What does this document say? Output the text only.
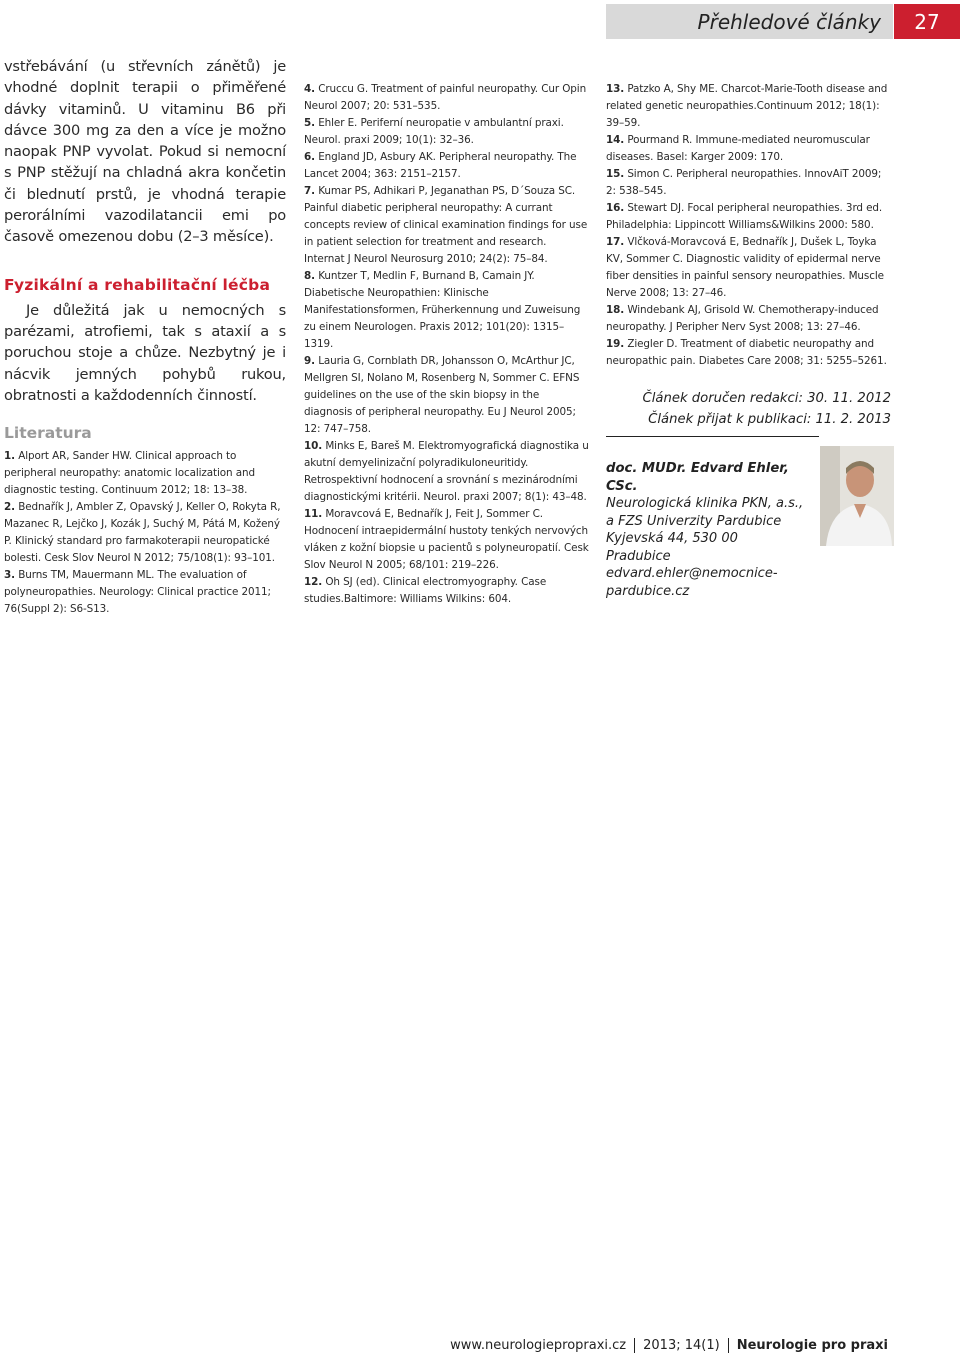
Přehledové články	27

vstřebávání (u střevních zánětů) je vhodné doplnit terapii o přiměřené dávky vitaminů. U vitaminu B6 při dávce 300 mg za den a více je možno naopak PNP vyvolat. Pokud si nemocní s PNP stěžují na chladná akra končetin či blednutí prstů, je vhodná terapie perorálními vazodilatancii emi po časově omezenou dobu (2–3 měsíce).

Fyzikální a rehabilitační léčba

Je důležitá jak u nemocných s parézami, atrofiemi, tak s ataxií a s poruchou stoje a chůze. Nezbytný je i nácvik jemných pohybů rukou, obratnosti a každodenních činností.

Literatura

1. Alport AR, Sander HW. Clinical approach to peripheral neuropathy: anatomic localization and diagnostic testing. Continuum 2012; 18: 13–38.

2. Bednařík J, Ambler Z, Opavský J, Keller O, Rokyta R, Mazanec R, Lejčko J, Kozák J, Suchý M, Pátá M, Kožený P. Klinický standard pro farmakoterapii neuropatické bolesti. Cesk Slov Neurol N 2012; 75/108(1): 93–101.

3. Burns TM, Mauermann ML. The evaluation of polyneuropathies. Neurology: Clinical practice 2011; 76(Suppl 2): S6-S13.

4. Cruccu G. Treatment of painful neuropathy. Cur Opin Neurol 2007; 20: 531–535.

5. Ehler E. Periferní neuropatie v ambulantní praxi. Neurol. praxi 2009; 10(1): 32–36.

6. England JD, Asbury AK. Peripheral neuropathy. The Lancet 2004; 363: 2151–2157.

7. Kumar PS, Adhikari P, Jeganathan PS, D´Souza SC. Painful diabetic peripheral neuropathy: A currant concepts review of clinical examination findings for use in patient selection for treatment and research. Internat J Neurol Neurosurg 2010; 24(2): 75–84.

8. Kuntzer T, Medlin F, Burnand B, Camain JY. Diabetische Neuropathien: Klinische Manifestationsformen, Früherkennung und Zuweisung zu einem Neurologen. Praxis 2012; 101(20): 1315–1319.

9. Lauria G, Cornblath DR, Johansson O, McArthur JC, Mellgren SI, Nolano M, Rosenberg N, Sommer C. EFNS guidelines on the use of the skin biopsy in the diagnosis of peripheral neuropathy. Eu J Neurol 2005; 12: 747–758.

10. Minks E, Bareš M. Elektromyografická diagnostika u akutní demyelinizační polyradikuloneuritidy. Retrospektivní hodnocení a srovnání s mezinárodními diagnostickými kritérii. Neurol. praxi 2007; 8(1): 43–48.

11. Moravcová E, Bednařík J, Feit J, Sommer C. Hodnocení intraepidermální hustoty tenkých nervových vláken z kožní biopsie u pacientů s polyneuropatií. Cesk Slov Neurol N 2005; 68/101: 219–226.

12. Oh SJ (ed). Clinical electromyography. Case studies.Baltimore: Williams Wilkins: 604.

13. Patzko A, Shy ME. Charcot-Marie-Tooth disease and related genetic neuropathies.Continuum 2012; 18(1): 39–59.

14. Pourmand R. Immune-mediated neuromuscular diseases. Basel: Karger 2009: 170.

15. Simon C. Peripheral neuropathies. InnovAiT 2009; 2: 538–545.

16. Stewart DJ. Focal peripheral neuropathies. 3rd ed. Philadelphia: Lippincott Williams&Wilkins 2000: 580.

17. Vlčková-Moravcová E, Bednařík J, Dušek L, Toyka KV, Sommer C. Diagnostic validity of epidermal nerve fiber densities in painful sensory neuropathies. Muscle Nerve 2008; 13: 27–46.

18. Windebank AJ, Grisold W. Chemotherapy-induced neuropathy. J Peripher Nerv Syst 2008; 13: 27–46.

19. Ziegler D. Treatment of diabetic neuropathy and neuropathic pain. Diabetes Care 2008; 31: 5255–5261.

Článek doručen redakci: 30. 11. 2012
Článek přijat k publikaci: 11. 2. 2013

doc. MUDr. Edvard Ehler, CSc.
Neurologická klinika PKN, a.s.,
a FZS Univerzity Pardubice
Kyjevská 44, 530 00 Pradubice
edvard.ehler@nemocnice-pardubice.cz
www.neurologiepropraxi.cz 2013; 14(1) Neurologie pro praxi
